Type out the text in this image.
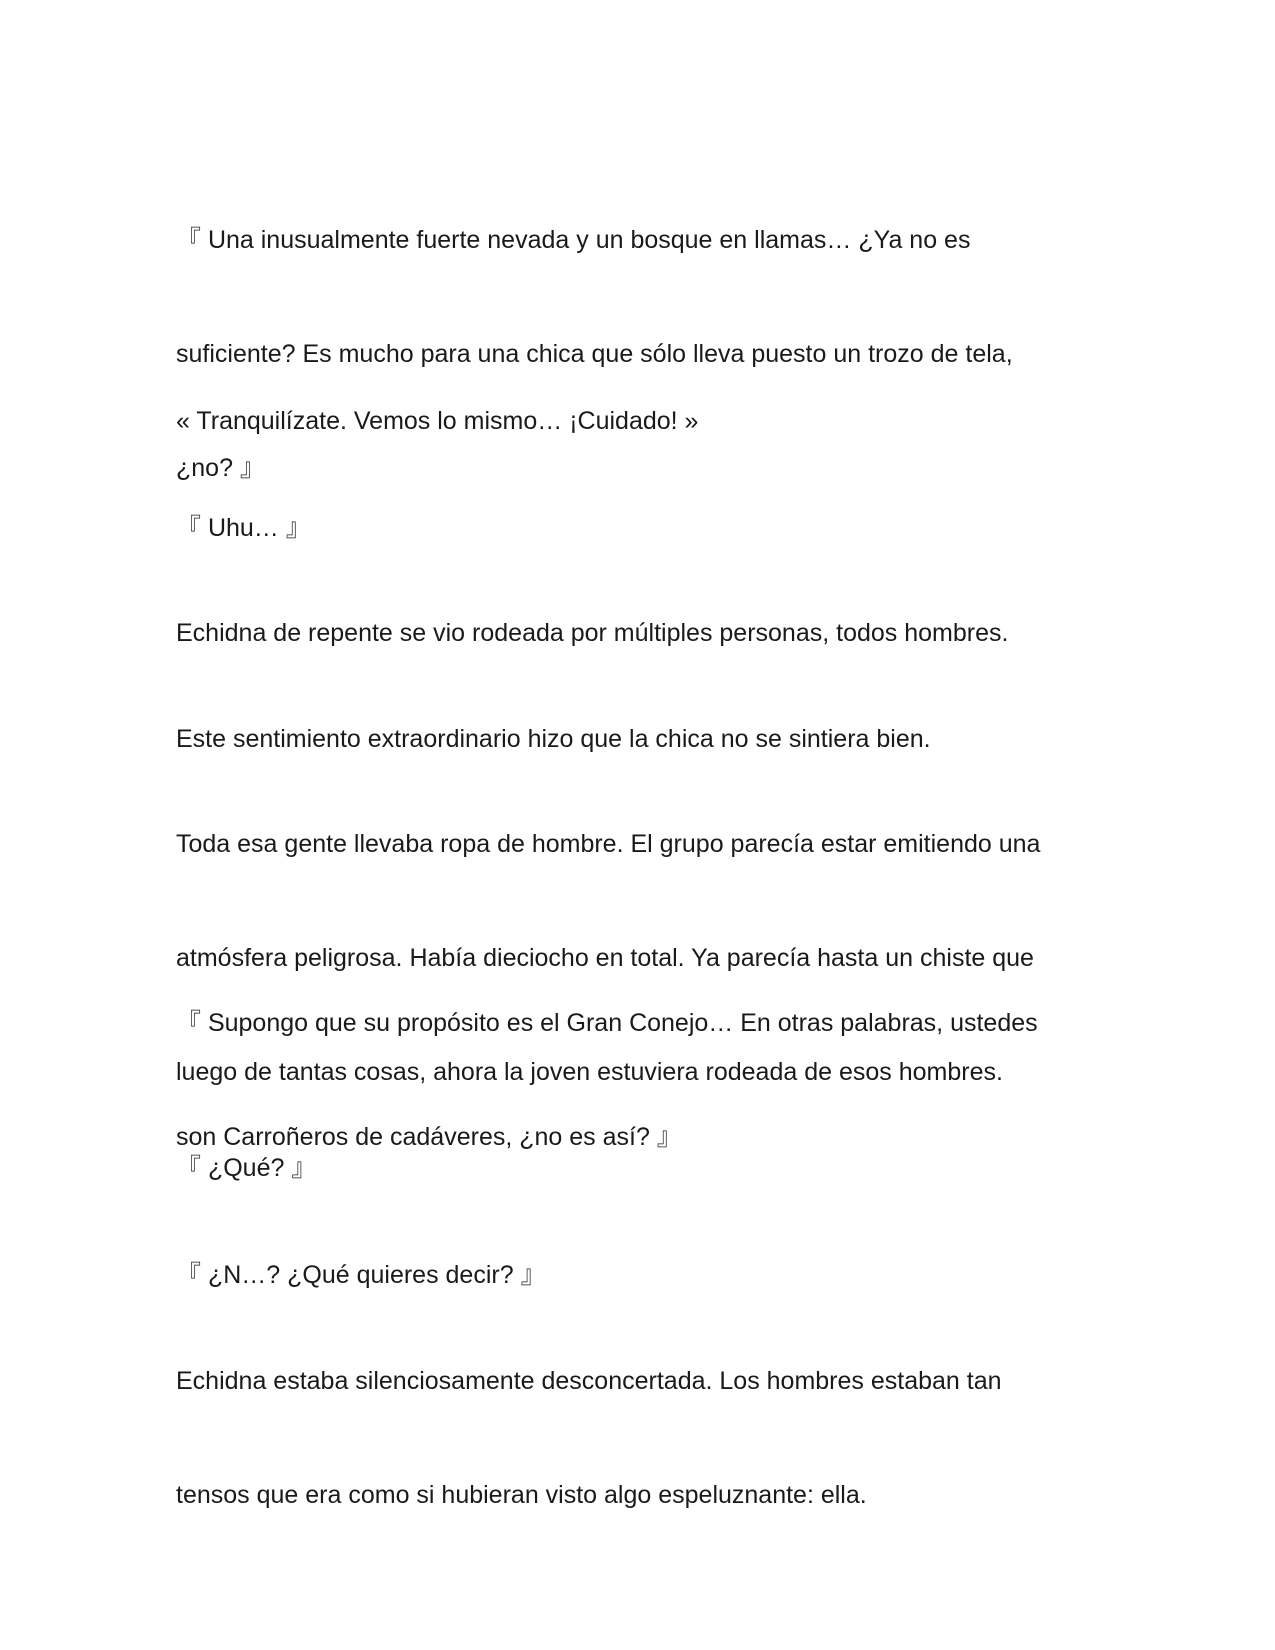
『 Una inusualmente fuerte nevada y un bosque en llamas… ¿Ya no es

suficiente? Es mucho para una chica que sólo lleva puesto un trozo de tela,

¿no? 』

« Tranquilízate. Vemos lo mismo… ¡Cuidado! »

『 Uhu… 』

Echidna de repente se vio rodeada por múltiples personas, todos hombres.

Este sentimiento extraordinario hizo que la chica no se sintiera bien.

Toda esa gente llevaba ropa de hombre. El grupo parecía estar emitiendo una

atmósfera peligrosa. Había dieciocho en total. Ya parecía hasta un chiste que

luego de tantas cosas, ahora la joven estuviera rodeada de esos hombres.

『 Supongo que su propósito es el Gran Conejo… En otras palabras, ustedes

son Carroñeros de cadáveres, ¿no es así? 』

『 ¿Qué? 』

『 ¿N…? ¿Qué quieres decir? 』

Echidna estaba silenciosamente desconcertada. Los hombres estaban tan

tensos que era como si hubieran visto algo espeluznante: ella.
